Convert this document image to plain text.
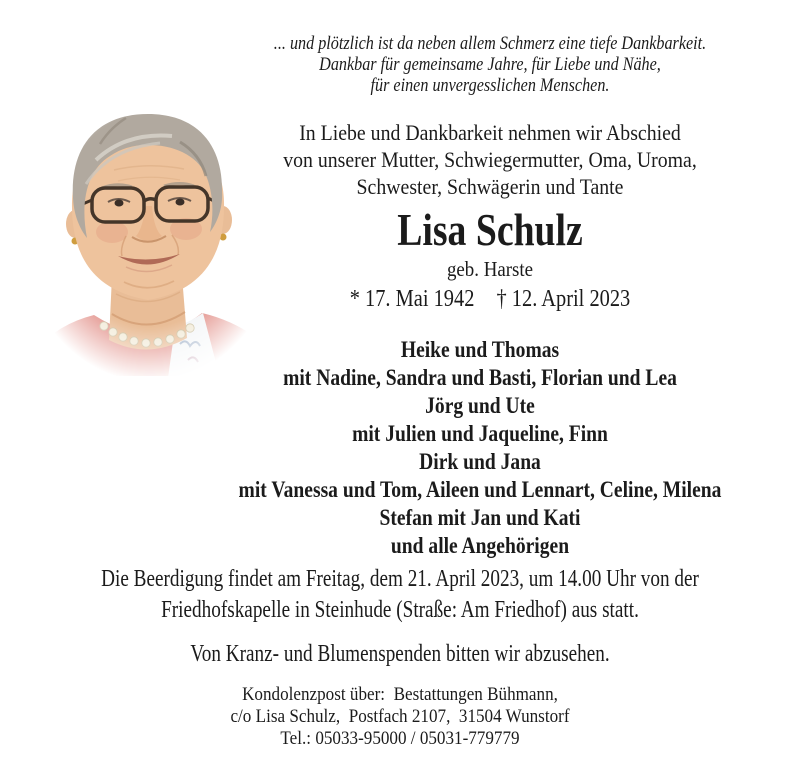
... und plötzlich ist da neben allem Schmerz eine tiefe Dankbarkeit.
Dankbar für gemeinsame Jahre, für Liebe und Nähe,
für einen unvergesslichen Menschen.
In Liebe und Dankbarkeit nehmen wir Abschied
von unserer Mutter, Schwiegermutter, Oma, Uroma,
Schwester, Schwägerin und Tante
Lisa Schulz
geb. Harste
* 17. Mai 1942 † 12. April 2023
Heike und Thomas
mit Nadine, Sandra und Basti, Florian und Lea
Jörg und Ute
mit Julien und Jaqueline, Finn
Dirk und Jana
mit Vanessa und Tom, Aileen und Lennart, Celine, Milena
Stefan mit Jan und Kati
und alle Angehörigen
Die Beerdigung findet am Freitag, dem 21. April 2023, um 14.00 Uhr von der
Friedhofskapelle in Steinhude (Straße: Am Friedhof) aus statt.
Von Kranz- und Blumenspenden bitten wir abzusehen.
Kondolenzpost über:  Bestattungen Bühmann,
c/o Lisa Schulz,  Postfach 2107,  31504 Wunstorf
Tel.: 05033-95000 / 05031-779779
